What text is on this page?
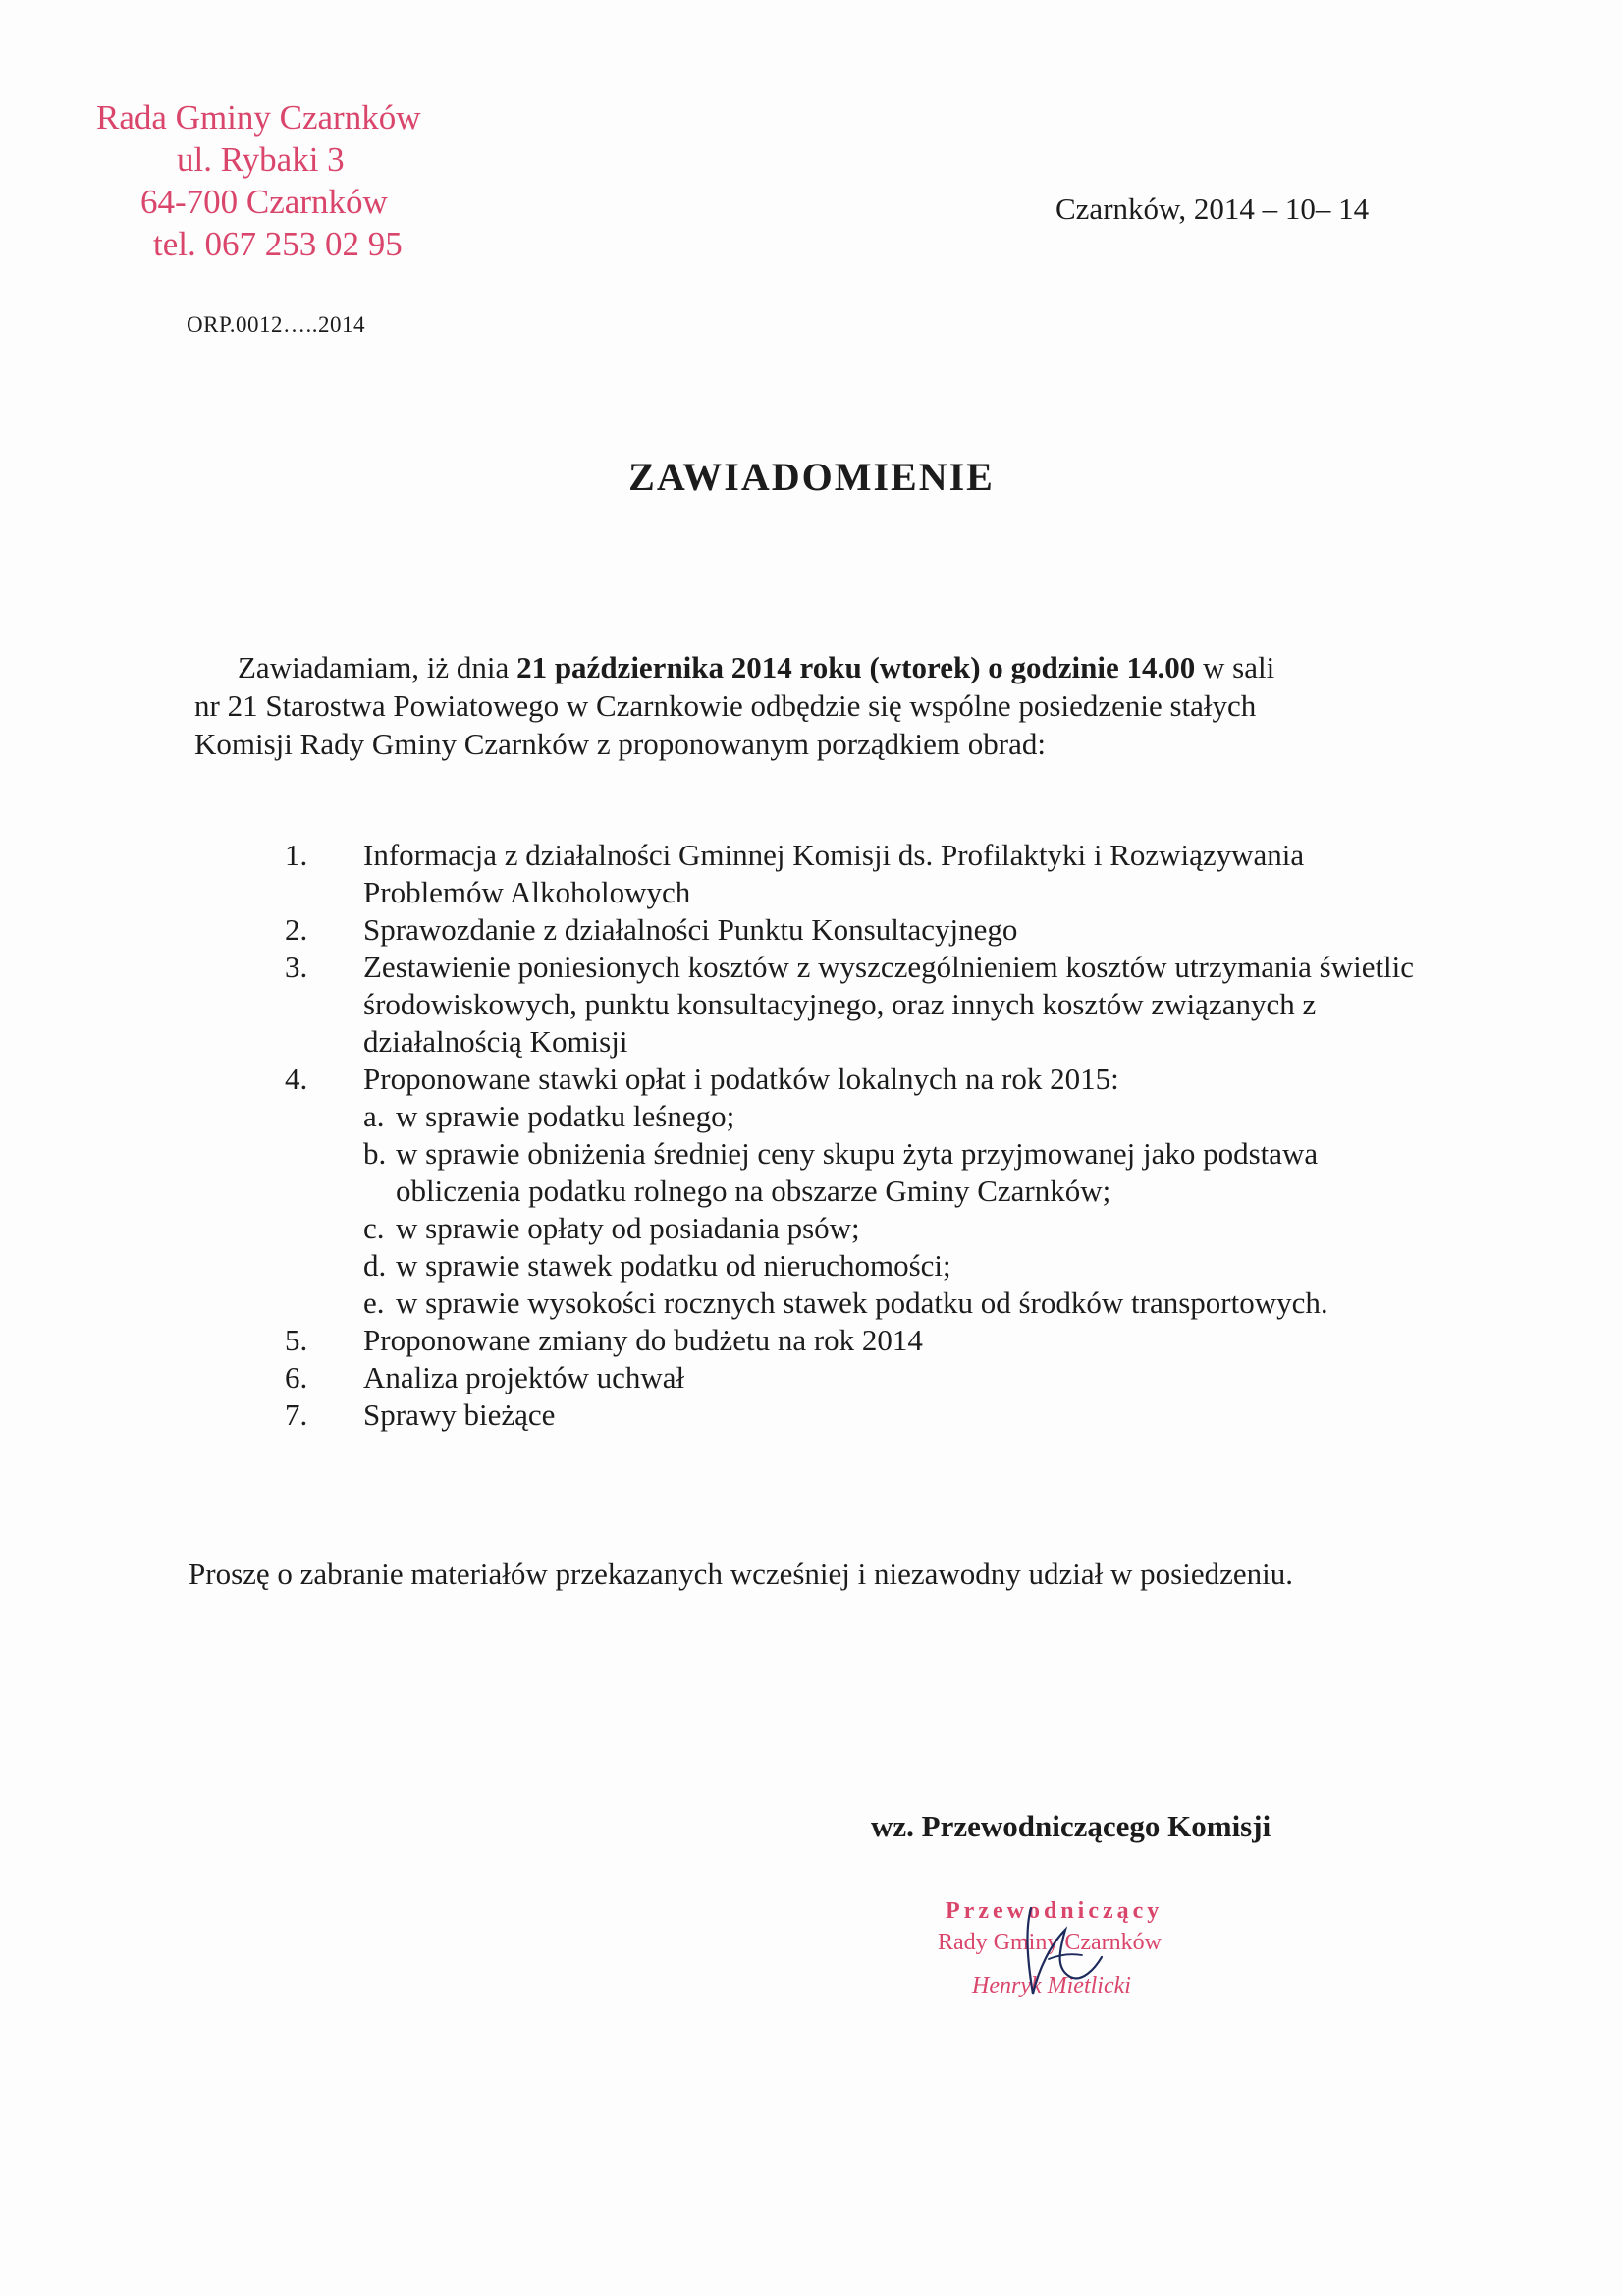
Rada Gminy Czarnków
ul. Rybaki 3
64-700 Czarnków
tel. 067 253 02 95
Czarnków, 2014 – 10– 14
ORP.0012…..2014
ZAWIADOMIENIE
Zawiadamiam, iż dnia 21 października 2014 roku (wtorek) o godzinie 14.00 w sali
nr 21 Starostwa Powiatowego w Czarnkowie odbędzie się wspólne posiedzenie stałych
Komisji Rady Gminy Czarnków z proponowanym porządkiem obrad:
1.	Informacja z działalności Gminnej Komisji ds. Profilaktyki i Rozwiązywania Problemów Alkoholowych
2.	Sprawozdanie z działalności Punktu Konsultacyjnego
3.	Zestawienie poniesionych kosztów z wyszczególnieniem kosztów utrzymania świetlic środowiskowych, punktu konsultacyjnego, oraz innych kosztów związanych z działalnością Komisji
4.	Proponowane stawki opłat i podatków lokalnych na rok 2015:
a. w sprawie podatku leśnego;
b. w sprawie obniżenia średniej ceny skupu żyta przyjmowanej jako podstawa obliczenia podatku rolnego na obszarze Gminy Czarnków;
c. w sprawie opłaty od posiadania psów;
d. w sprawie stawek podatku od nieruchomości;
e. w sprawie wysokości rocznych stawek podatku od środków transportowych.
5.	Proponowane zmiany do budżetu na rok 2014
6.	Analiza projektów uchwał
7.	Sprawy bieżące
Proszę o zabranie materiałów przekazanych wcześniej i niezawodny udział w posiedzeniu.
wz. Przewodniczącego Komisji
Przewodniczący
Rady Gminy Czarnków
Henryk Mietlicki
